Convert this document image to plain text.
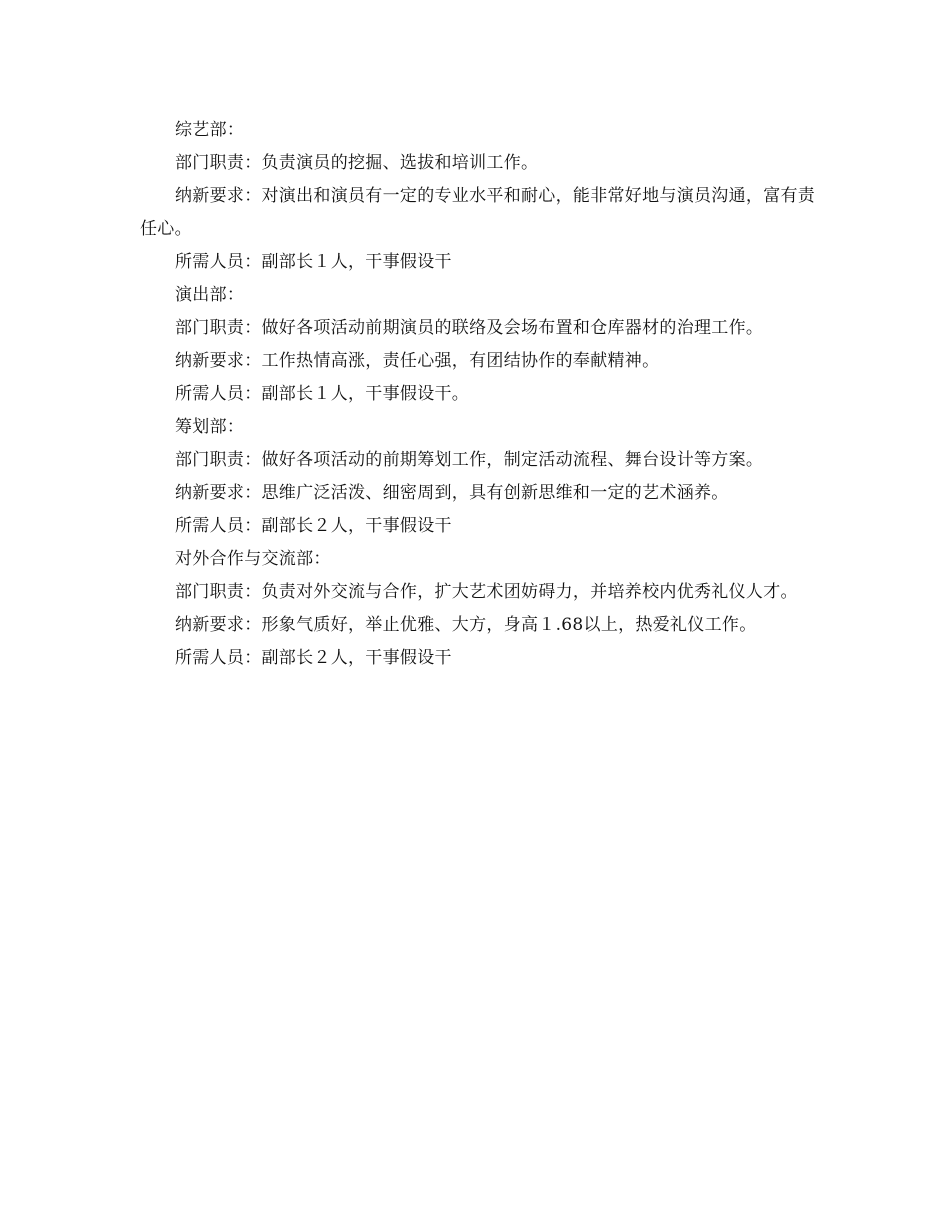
综艺部：

部门职责：负责演员的挖掘、选拔和培训工作。

纳新要求：对演出和演员有一定的专业水平和耐心，能非常好地与演员沟通，富有责任心。

所需人员：副部长１人，干事假设干

演出部：

部门职责：做好各项活动前期演员的联络及会场布置和仓库器材的治理工作。

纳新要求：工作热情高涨，责任心强，有团结协作的奉献精神。

所需人员：副部长１人，干事假设干。

筹划部：

部门职责：做好各项活动的前期筹划工作，制定活动流程、舞台设计等方案。

纳新要求：思维广泛活泼、细密周到，具有创新思维和一定的艺术涵养。

所需人员：副部长２人，干事假设干

对外合作与交流部：

部门职责：负责对外交流与合作，扩大艺术团妨碍力，并培养校内优秀礼仪人才。

纳新要求：形象气质好，举止优雅、大方，身高１.68以上，热爱礼仪工作。

所需人员：副部长２人，干事假设干
